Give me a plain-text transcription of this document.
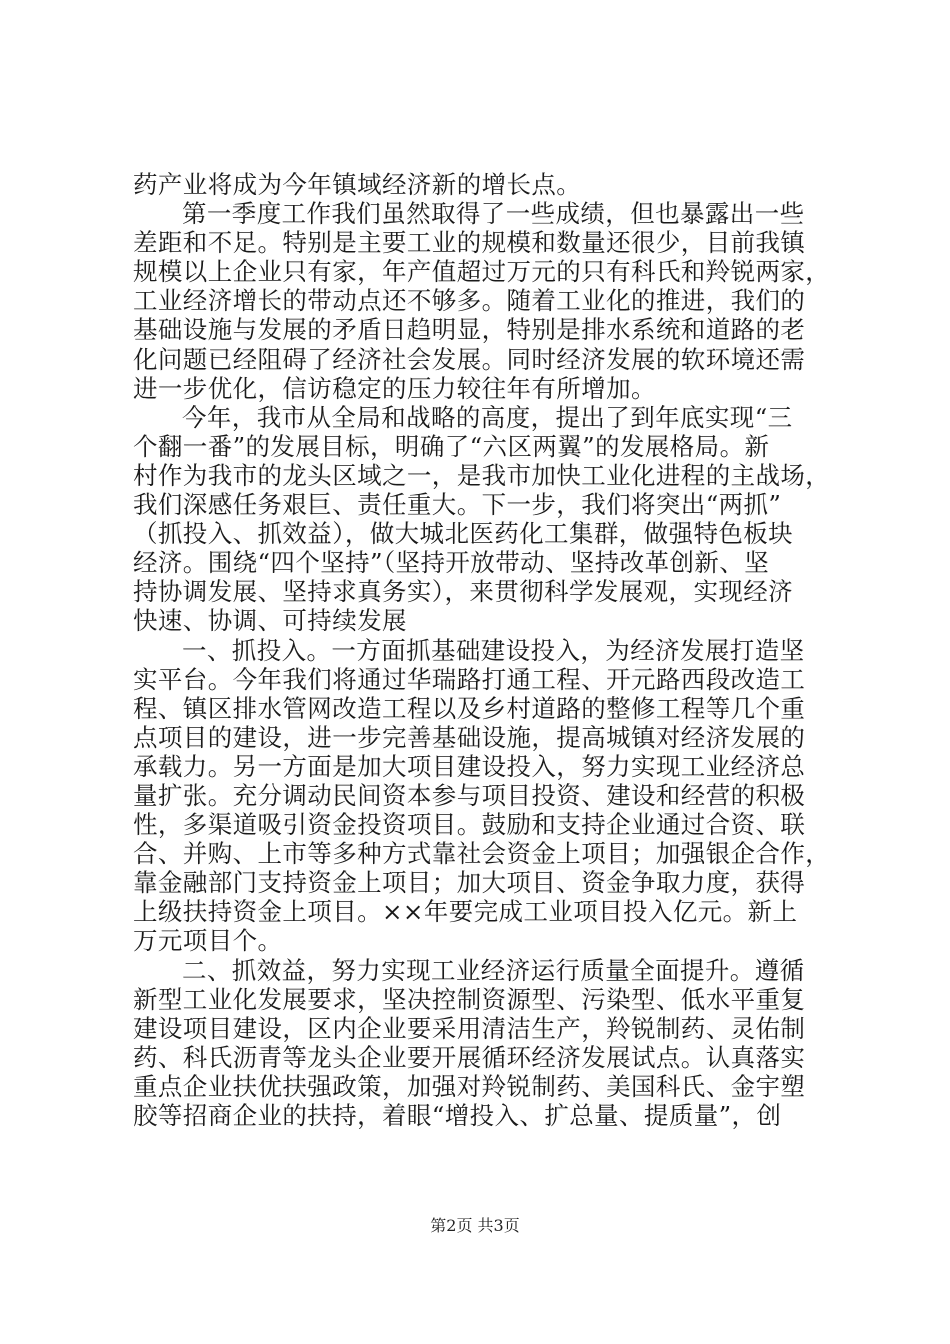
药产业将成为今年镇域经济新的增长点。
第一季度工作我们虽然取得了一些成绩，但也暴露出一些
差距和不足。特别是主要工业的规模和数量还很少，目前我镇
规模以上企业只有家，年产值超过万元的只有科氏和羚锐两家，
工业经济增长的带动点还不够多。随着工业化的推进，我们的
基础设施与发展的矛盾日趋明显，特别是排水系统和道路的老
化问题已经阻碍了经济社会发展。同时经济发展的软环境还需
进一步优化，信访稳定的压力较往年有所增加。
今年，我市从全局和战略的高度，提出了到年底实现“三
个翻一番”的发展目标，明确了“六区两翼”的发展格局。新
村作为我市的龙头区域之一，是我市加快工业化进程的主战场，
我们深感任务艰巨、责任重大。下一步，我们将突出“两抓”
（抓投入、抓效益），做大城北医药化工集群，做强特色板块
经济。围绕“四个坚持”（坚持开放带动、坚持改革创新、坚
持协调发展、坚持求真务实），来贯彻科学发展观，实现经济
快速、协调、可持续发展
一、抓投入。一方面抓基础建设投入，为经济发展打造坚
实平台。今年我们将通过华瑞路打通工程、开元路西段改造工
程、镇区排水管网改造工程以及乡村道路的整修工程等几个重
点项目的建设，进一步完善基础设施，提高城镇对经济发展的
承载力。另一方面是加大项目建设投入，努力实现工业经济总
量扩张。充分调动民间资本参与项目投资、建设和经营的积极
性，多渠道吸引资金投资项目。鼓励和支持企业通过合资、联
合、并购、上市等多种方式靠社会资金上项目；加强银企合作，
靠金融部门支持资金上项目；加大项目、资金争取力度，获得
上级扶持资金上项目。××年要完成工业项目投入亿元。新上
万元项目个。
二、抓效益，努力实现工业经济运行质量全面提升。遵循
新型工业化发展要求，坚决控制资源型、污染型、低水平重复
建设项目建设，区内企业要采用清洁生产，羚锐制药、灵佑制
药、科氏沥青等龙头企业要开展循环经济发展试点。认真落实
重点企业扶优扶强政策，加强对羚锐制药、美国科氏、金宇塑
胶等招商企业的扶持，着眼“增投入、扩总量、提质量”，创
第2页 共3页
